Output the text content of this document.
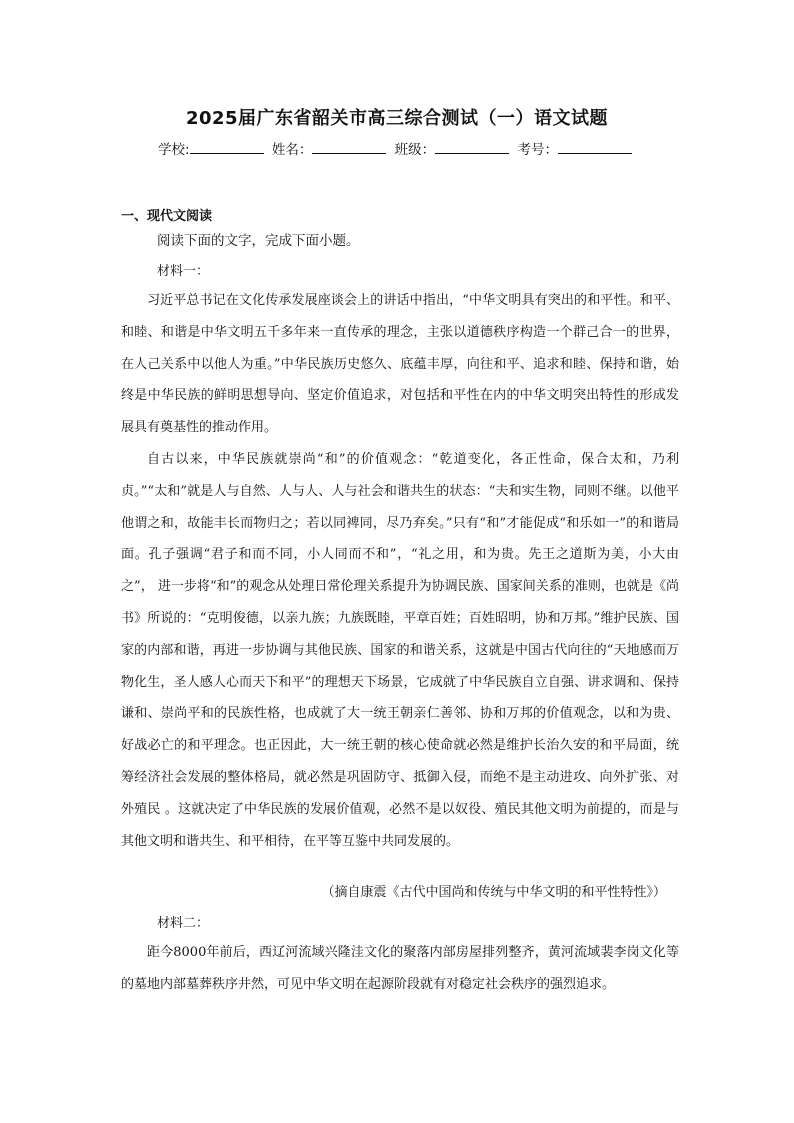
2025届广东省韶关市高三综合测试（一）语文试题
学校:	姓名：	班级：	考号：
一、现代文阅读
阅读下面的文字，完成下面小题。
材料一：

习近平总书记在文化传承发展座谈会上的讲话中指出，“中华文明具有突出的和平性。和平、和睦、和谐是中华文明五千多年来一直传承的理念，主张以道德秩序构造一个群己合一的世界，在人己关系中以他人为重。”中华民族历史悠久、底蕴丰厚，向往和平、追求和睦、保持和谐，始终是中华民族的鲜明思想导向、坚定价值追求，对包括和平性在内的中华文明突出特性的形成发展具有奠基性的推动作用。

自古以来，中华民族就崇尚“和”的价值观念：“乾道变化，各正性命，保合太和，乃利贞。”“太和”就是人与自然、人与人、人与社会和谐共生的状态：“夫和实生物，同则不继。以他平他谓之和，故能丰长而物归之；若以同裨同，尽乃弃矣。”只有“和”才能促成“和乐如一”的和谐局面。孔子强调“君子和而不同，小人同而不和”，“礼之用，和为贵。先王之道斯为美，小大由之”， 进一步将“和”的观念从处理日常伦理关系提升为协调民族、国家间关系的准则，也就是《尚书》所说的：“克明俊德，以亲九族；九族既睦，平章百姓；百姓昭明，协和万邦。”维护民族、国家的内部和谐，再进一步协调与其他民族、国家的和谐关系，这就是中国古代向往的“天地感而万物化生，圣人感人心而天下和平”的理想天下场景，它成就了中华民族自立自强、讲求调和、保持谦和、崇尚平和的民族性格，也成就了大一统王朝亲仁善邻、协和万邦的价值观念，以和为贵、好战必亡的和平理念。也正因此，大一统王朝的核心使命就必然是维护长治久安的和平局面，统筹经济社会发展的整体格局，就必然是巩固防守、抵御入侵，而绝不是主动进攻、向外扩张、对外殖民 。这就决定了中华民族的发展价值观，必然不是以奴役、殖民其他文明为前提的，而是与其他文明和谐共生、和平相待，在平等互鉴中共同发展的。

（摘自康震《古代中国尚和传统与中华文明的和平性特性》）
材料二：

距今8000年前后，西辽河流域兴隆洼文化的聚落内部房屋排列整齐，黄河流域裴李岗文化等的墓地内部墓葬秩序井然，可见中华文明在起源阶段就有对稳定社会秩序的强烈追求。
